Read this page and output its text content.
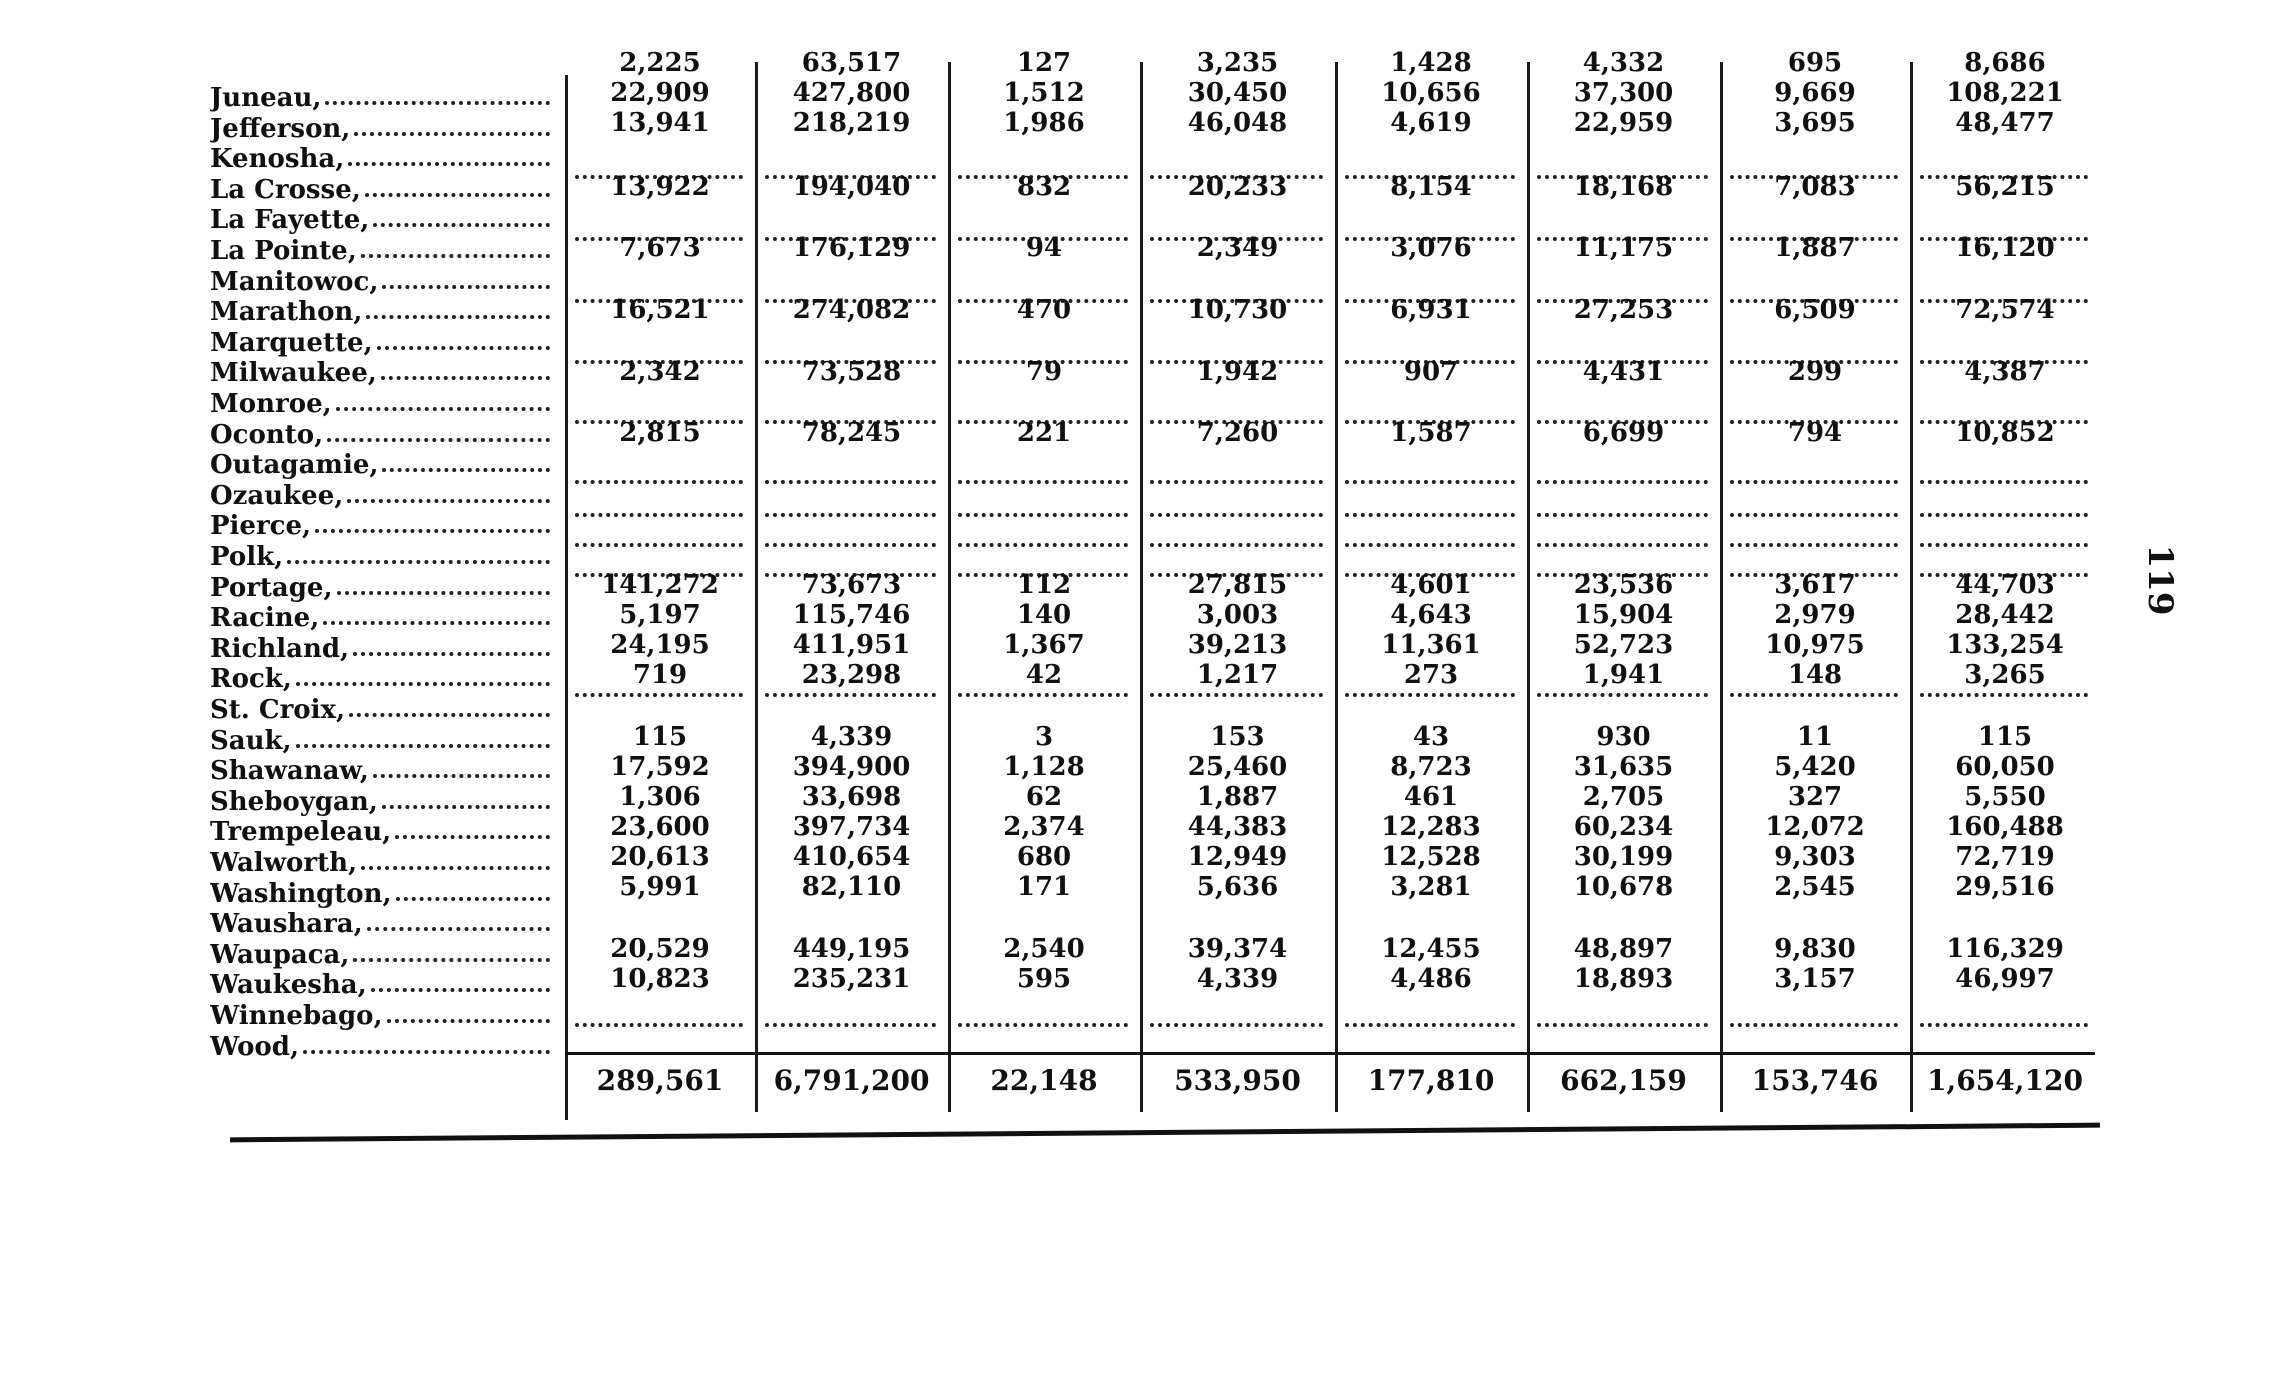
Juneau,
Jefferson,
Kenosha,
La Crosse,
La Fayette,
La Pointe,
Manitowoc,
Marathon,
Marquette,
Milwaukee,
Monroe,
Oconto,
Outagamie,
Ozaukee,
Pierce,
Polk,
Portage,
Racine,
Richland,
Rock,
St. Croix,
Sauk,
Shawanaw,
Sheboygan,
Trempeleau,
Walworth,
Washington,
Waushara,
Waupaca,
Waukesha,
Winnebago,
Wood,
2,225
22,909
13,941
13,922
7,673
16,521
2,342
2,815
141,272
5,197
24,195
719
115
17,592
1,306
23,600
20,613
5,991
20,529
10,823
289,561
63,517
427,800
218,219
194,040
176,129
274,082
73,528
78,245
73,673
115,746
411,951
23,298
4,339
394,900
33,698
397,734
410,654
82,110
449,195
235,231
6,791,200
127
1,512
1,986
832
94
470
79
221
112
140
1,367
42
3
1,128
62
2,374
680
171
2,540
595
22,148
3,235
30,450
46,048
20,233
2,349
10,730
1,942
7,260
27,815
3,003
39,213
1,217
153
25,460
1,887
44,383
12,949
5,636
39,374
4,339
533,950
1,428
10,656
4,619
8,154
3,076
6,931
907
1,587
4,601
4,643
11,361
273
43
8,723
461
12,283
12,528
3,281
12,455
4,486
177,810
4,332
37,300
22,959
18,168
11,175
27,253
4,431
6,699
23,536
15,904
52,723
1,941
930
31,635
2,705
60,234
30,199
10,678
48,897
18,893
662,159
695
9,669
3,695
7,083
1,887
6,509
299
794
3,617
2,979
10,975
148
11
5,420
327
12,072
9,303
2,545
9,830
3,157
153,746
8,686
108,221
48,477
56,215
16,120
72,574
4,387
10,852
44,703
28,442
133,254
3,265
115
60,050
5,550
160,488
72,719
29,516
116,329
46,997
1,654,120
119
